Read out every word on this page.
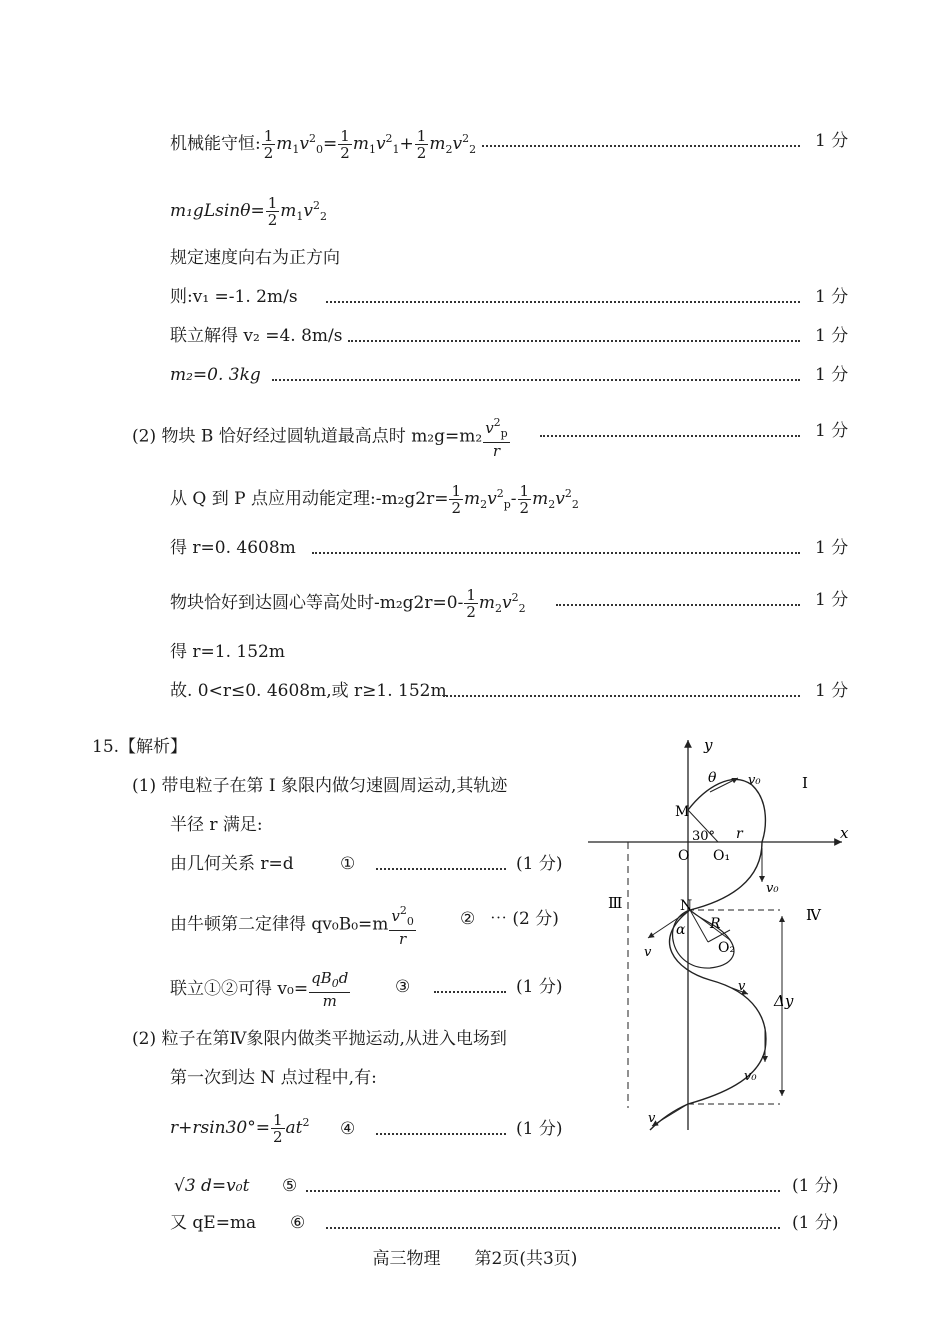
机械能守恒: $\frac{1}{2} m_1v^2_0= \frac{1}{2} m_1v^2_1+ \frac{1}{2} m_2v^2_2$	1 分
$m_1gLsin\theta= \frac{1}{2} m_1v^2_2$
规定速度向右为正方向
则:v₁ =-1. 2m/s	1 分
联立解得 v₂ =4. 8m/s	1 分
m₂=0. 3kg	1 分
(2) 物块 B 恰好经过圆轨道最高点时 $m_2g=m_2 \frac{v^2_p}{r}$	1 分
从 Q 到 P 点应用动能定理:-m₂g2r= $\frac{1}{2} m_2v^2_p- \frac{1}{2} m_2v^2_2$
得 r=0. 4608m	1 分
物块恰好到达圆心等高处时$-m_2g2r=0- \frac{1}{2} m_2v^2_2$	1 分
得 r=1. 152m
故. 0<r≤0. 4608m,或 r≥1. 152m	1 分
15.【解析】
(1) 带电粒子在第 Ⅰ 象限内做匀速圆周运动,其轨迹
半径 r 满足:
由几何关系 r=d	①	(1 分)
由牛顿第二定律得 $qv_0B_0=m \frac{v^2_0}{r}$	② ⋯ (2 分)
联立①②可得 $v_0= \frac{qB_0d}{m}$	③	(1 分)
(2) 粒子在第Ⅳ象限内做类平抛运动,从进入电场到
第一次到达 N 点过程中,有:
$r+rsin30^\circ= \frac{1}{2} at^2$ ④	(1 分)
√3 d=v₀t ⑤	(1 分)
又 qE=ma ⑥	(1 分)
y
x
Δy
θ v₀	Ⅰ
M
30° r
O O₁
v₀
Ⅲ
Ⅳ
N
R
α
O₂
v
v
v₀
v
高三物理　　第2页(共3页)
